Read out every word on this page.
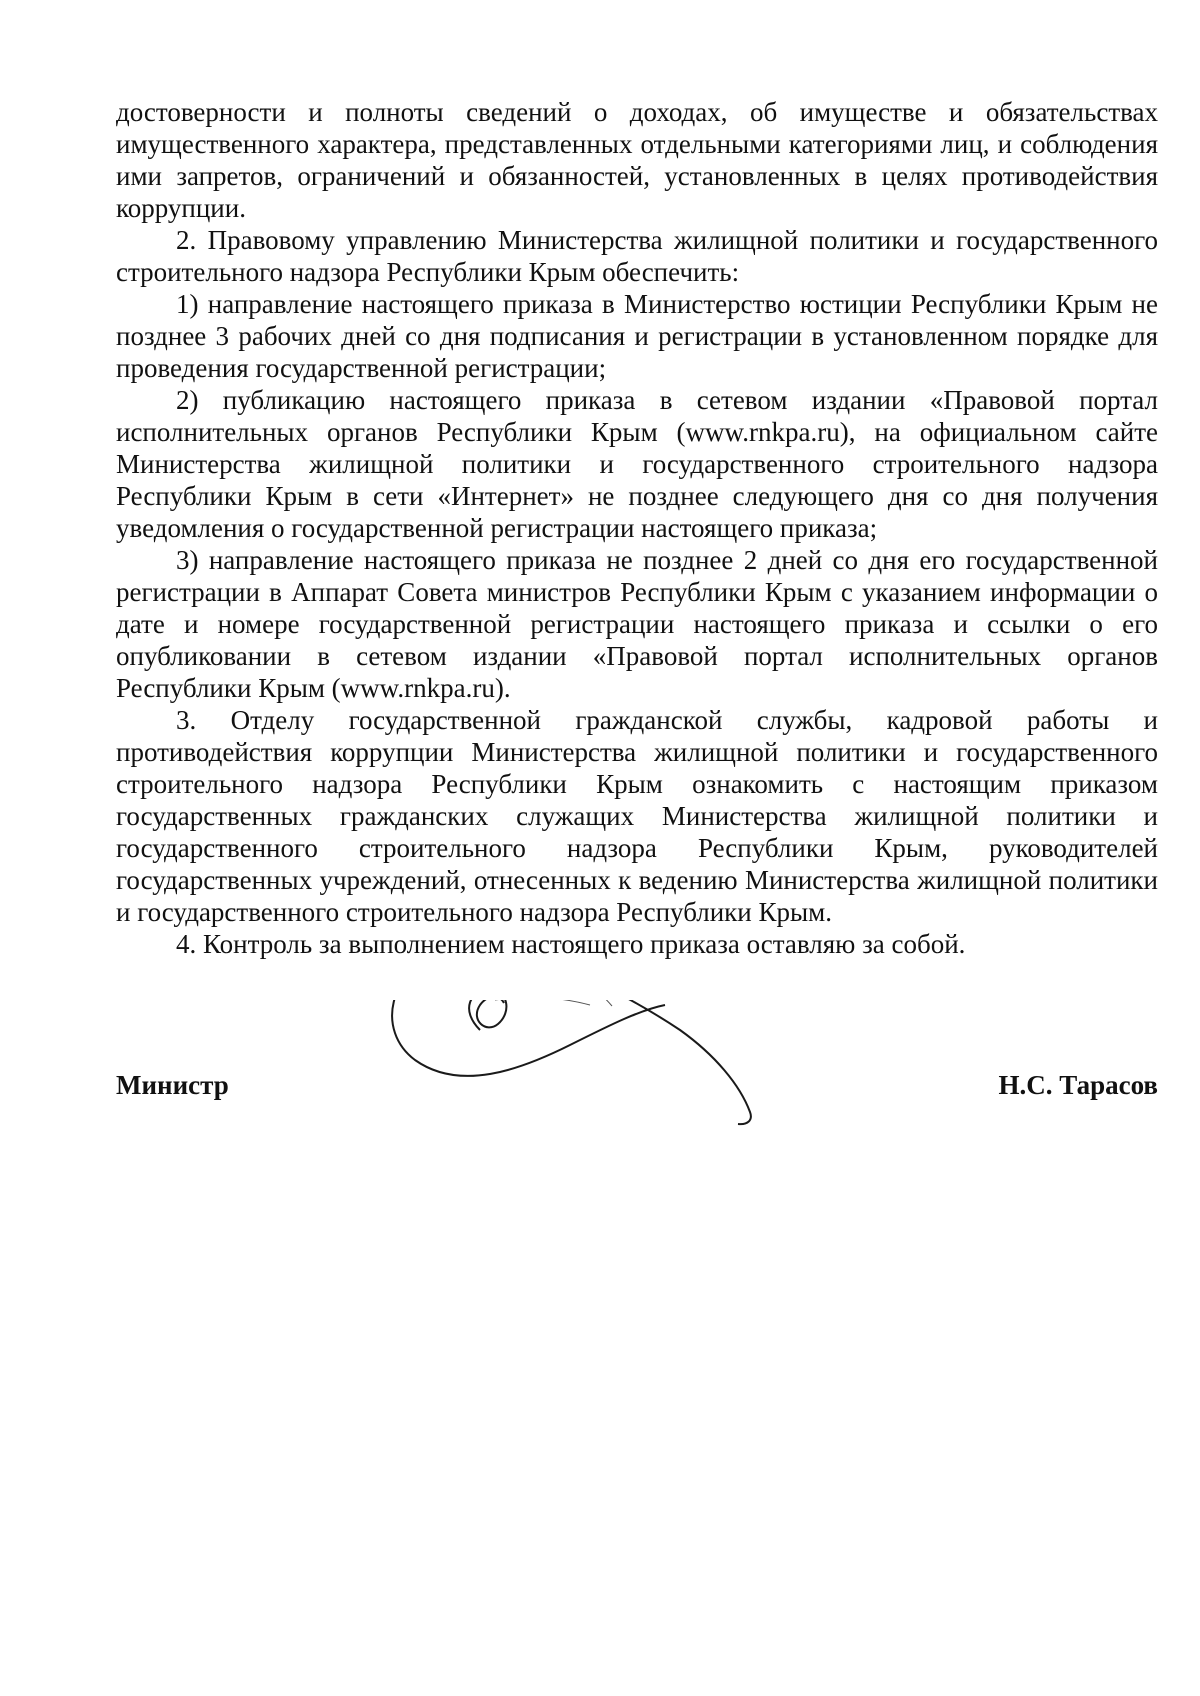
достоверности и полноты сведений о доходах, об имуществе и обязательствах имущественного характера, представленных отдельными категориями лиц, и соблюдения ими запретов, ограничений и обязанностей, установленных в целях противодействия коррупции.

2. Правовому управлению Министерства жилищной политики и государственного строительного надзора Республики Крым обеспечить:

1) направление настоящего приказа в Министерство юстиции Республики Крым не позднее 3 рабочих дней со дня подписания и регистрации в установленном порядке для проведения государственной регистрации;

2) публикацию настоящего приказа в сетевом издании «Правовой портал исполнительных органов Республики Крым (www.rnkpa.ru), на официальном сайте Министерства жилищной политики и государственного строительного надзора Республики Крым в сети «Интернет» не позднее следующего дня со дня получения уведомления о государственной регистрации настоящего приказа;

3) направление настоящего приказа не позднее 2 дней со дня его государственной регистрации в Аппарат Совета министров Республики Крым с указанием информации о дате и номере государственной регистрации настоящего приказа и ссылки о его опубликовании в сетевом издании «Правовой портал исполнительных органов Республики Крым (www.rnkpa.ru).

3. Отделу государственной гражданской службы, кадровой работы и противодействия коррупции Министерства жилищной политики и государственного строительного надзора Республики Крым ознакомить с настоящим приказом государственных гражданских служащих Министерства жилищной политики и государственного строительного надзора Республики Крым, руководителей государственных учреждений, отнесенных к ведению Министерства жилищной политики и государственного строительного надзора Республики Крым.

4. Контроль за выполнением настоящего приказа оставляю за собой.

Министр	Н.С. Тарасов
